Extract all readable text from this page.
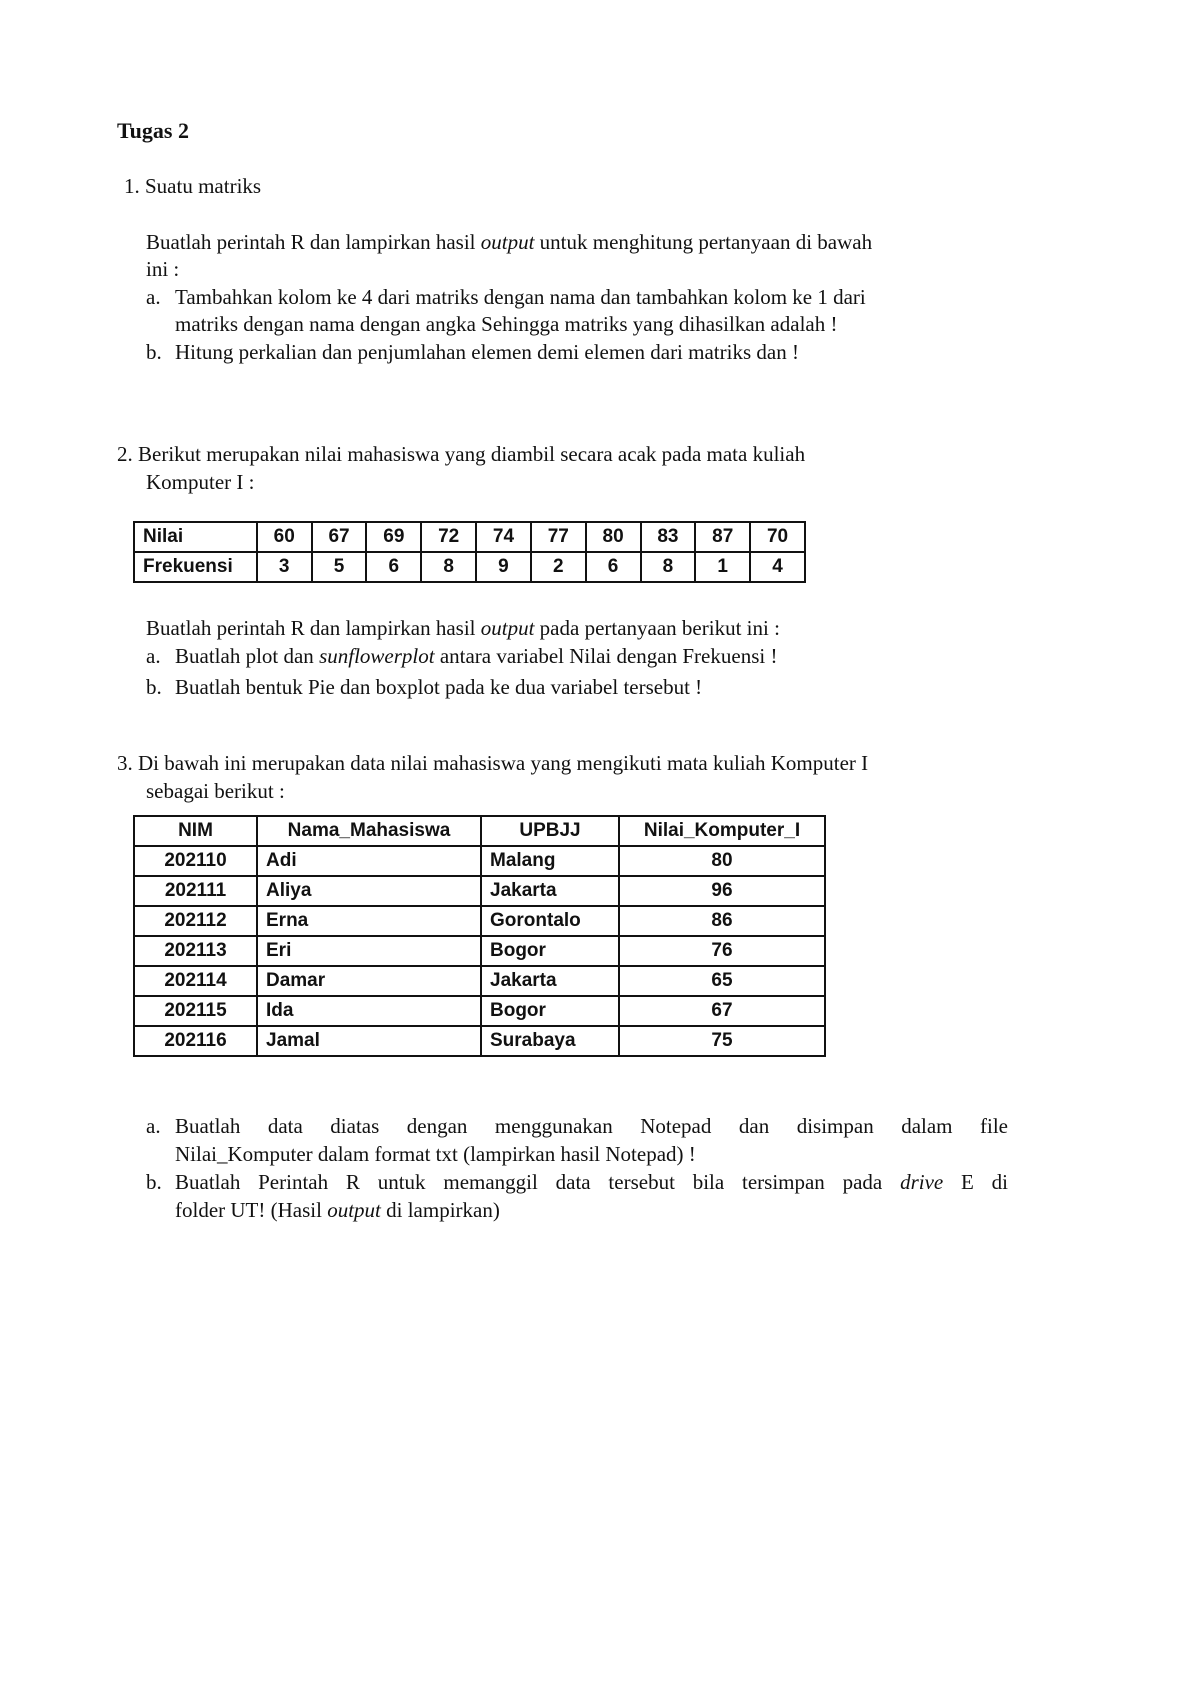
Tugas 2
1. Suatu matriks
Buatlah perintah R dan lampirkan hasil output untuk menghitung pertanyaan di bawah
ini :
a. Tambahkan kolom ke 4 dari matriks dengan nama dan tambahkan kolom ke 1 dari
matriks dengan nama dengan angka Sehingga matriks yang dihasilkan adalah !
b. Hitung perkalian dan penjumlahan elemen demi elemen dari matriks dan !
2. Berikut merupakan nilai mahasiswa yang diambil secara acak pada mata kuliah
Komputer I :
Nilai	60	67	69	72	74	77	80	83	87	70
Frekuensi	3	5	6	8	9	2	6	8	1	4
Buatlah perintah R dan lampirkan hasil output pada pertanyaan berikut ini :
a. Buatlah plot dan sunflowerplot antara variabel Nilai dengan Frekuensi !
b. Buatlah bentuk Pie dan boxplot pada ke dua variabel tersebut !
3. Di bawah ini merupakan data nilai mahasiswa yang mengikuti mata kuliah Komputer I
sebagai berikut :
NIM	Nama_Mahasiswa	UPBJJ	Nilai_Komputer_I
202110	Adi	Malang	80
202111	Aliya	Jakarta	96
202112	Erna	Gorontalo	86
202113	Eri	Bogor	76
202114	Damar	Jakarta	65
202115	Ida	Bogor	67
202116	Jamal	Surabaya	75
a. Buatlah data diatas dengan menggunakan Notepad dan disimpan dalam file
Nilai_Komputer dalam format txt (lampirkan hasil Notepad) !
b. Buatlah Perintah R untuk memanggil data tersebut bila tersimpan pada drive E di
folder UT! (Hasil output di lampirkan)
